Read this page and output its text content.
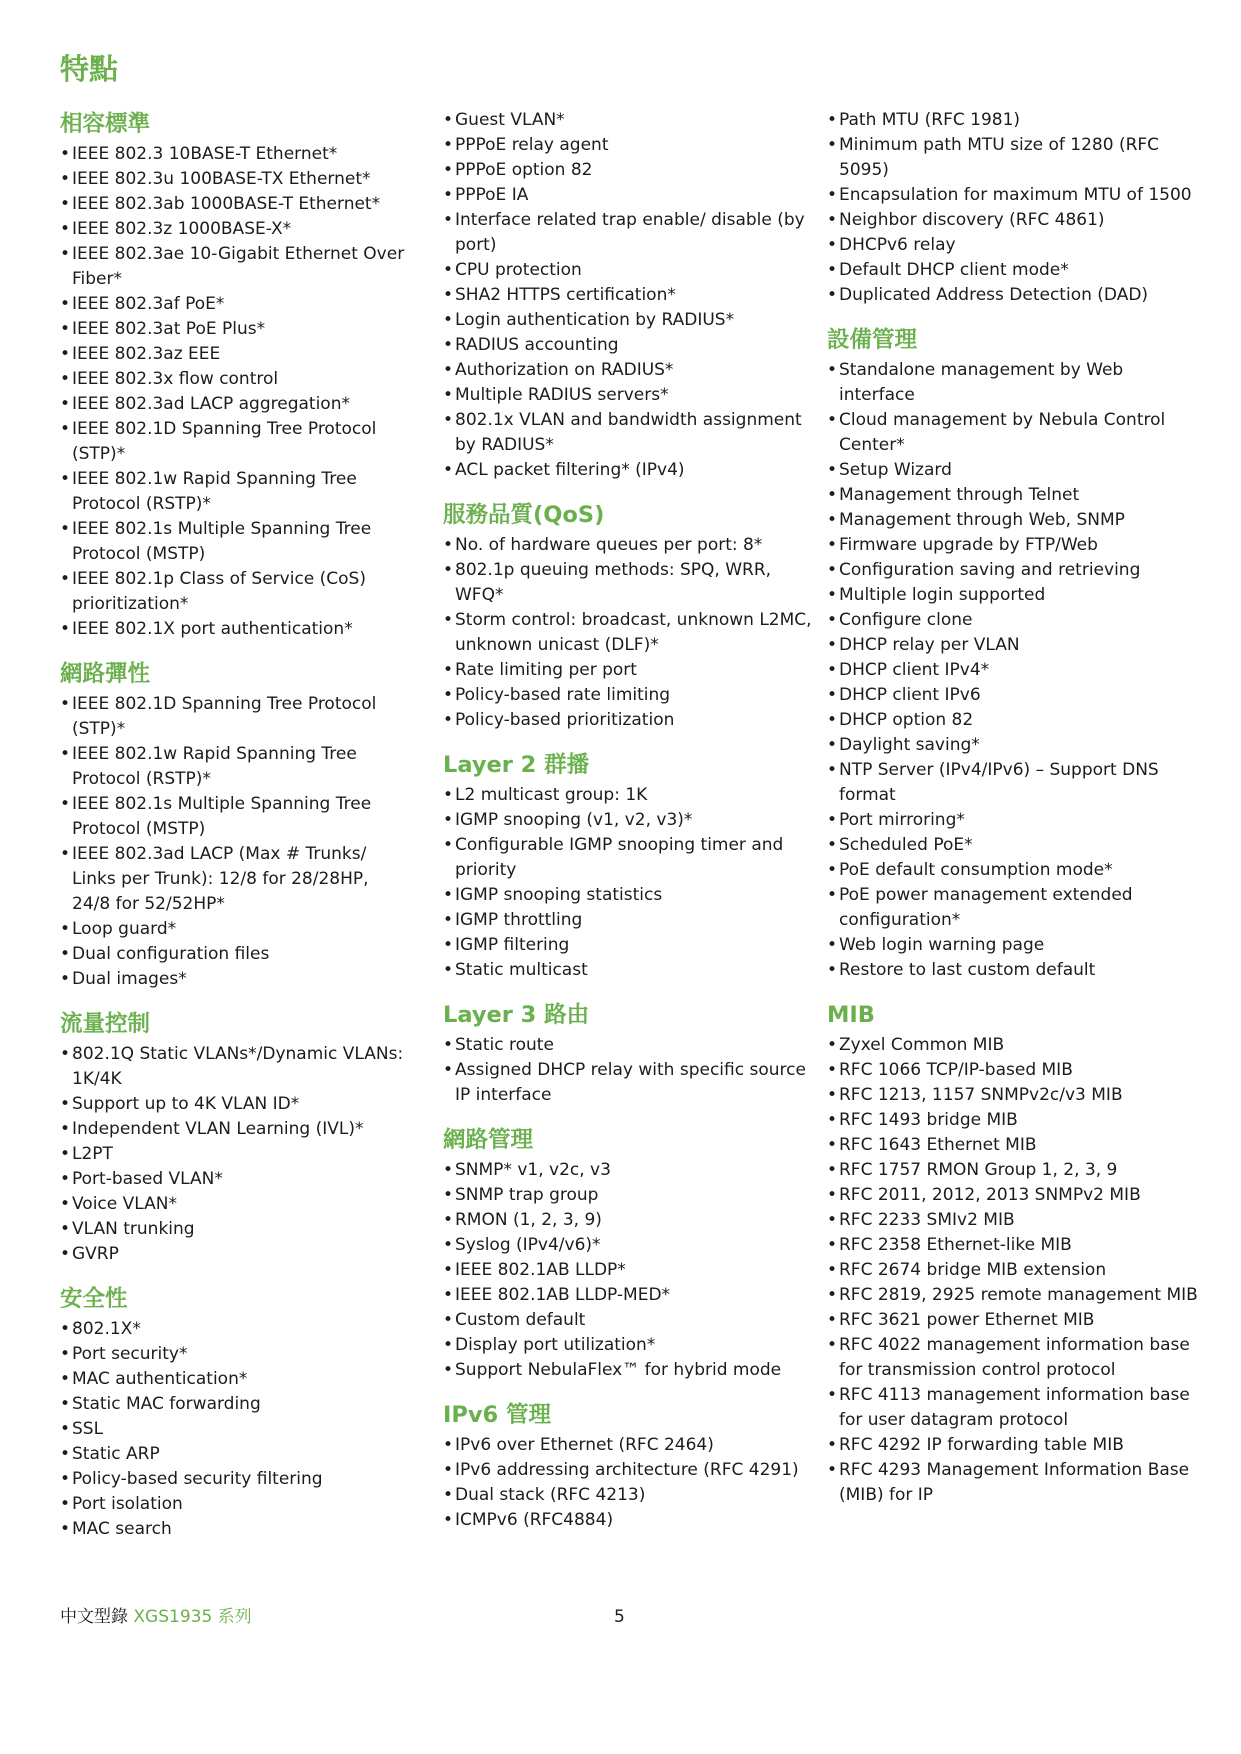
特點
相容標準
• IEEE 802.3 10BASE-T Ethernet*
• IEEE 802.3u 100BASE-TX Ethernet*
• IEEE 802.3ab 1000BASE-T Ethernet*
• IEEE 802.3z 1000BASE-X*
• IEEE 802.3ae 10-Gigabit Ethernet Over Fiber*
• IEEE 802.3af PoE*
• IEEE 802.3at PoE Plus*
• IEEE 802.3az EEE
• IEEE 802.3x flow control
• IEEE 802.3ad LACP aggregation*
• IEEE 802.1D Spanning Tree Protocol (STP)*
• IEEE 802.1w Rapid Spanning Tree Protocol (RSTP)*
• IEEE 802.1s Multiple Spanning Tree Protocol (MSTP)
• IEEE 802.1p Class of Service (CoS) prioritization*
• IEEE 802.1X port authentication*
網路彈性
• IEEE 802.1D Spanning Tree Protocol (STP)*
• IEEE 802.1w Rapid Spanning Tree Protocol (RSTP)*
• IEEE 802.1s Multiple Spanning Tree Protocol (MSTP)
• IEEE 802.3ad LACP (Max # Trunks/ Links per Trunk): 12/8 for 28/28HP, 24/8 for 52/52HP*
• Loop guard*
• Dual configuration files
• Dual images*
流量控制
• 802.1Q Static VLANs*/Dynamic VLANs: 1K/4K
• Support up to 4K VLAN ID*
• Independent VLAN Learning (IVL)*
• L2PT
• Port-based VLAN*
• Voice VLAN*
• VLAN trunking
• GVRP
安全性
• 802.1X*
• Port security*
• MAC authentication*
• Static MAC forwarding
• SSL
• Static ARP
• Policy-based security filtering
• Port isolation
• MAC search
• Guest VLAN*
• PPPoE relay agent
• PPPoE option 82
• PPPoE IA
• Interface related trap enable/ disable (by port)
• CPU protection
• SHA2 HTTPS certification*
• Login authentication by RADIUS*
• RADIUS accounting
• Authorization on RADIUS*
• Multiple RADIUS servers*
• 802.1x VLAN and bandwidth assignment by RADIUS*
• ACL packet filtering* (IPv4)
服務品質(QoS)
• No. of hardware queues per port: 8*
• 802.1p queuing methods: SPQ, WRR, WFQ*
• Storm control: broadcast, unknown L2MC, unknown unicast (DLF)*
• Rate limiting per port
• Policy-based rate limiting
• Policy-based prioritization
Layer 2 群播
• L2 multicast group: 1K
• IGMP snooping (v1, v2, v3)*
• Configurable IGMP snooping timer and priority
• IGMP snooping statistics
• IGMP throttling
• IGMP filtering
• Static multicast
Layer 3 路由
• Static route
• Assigned DHCP relay with specific source IP interface
網路管理
• SNMP* v1, v2c, v3
• SNMP trap group
• RMON (1, 2, 3, 9)
• Syslog (IPv4/v6)*
• IEEE 802.1AB LLDP*
• IEEE 802.1AB LLDP-MED*
• Custom default
• Display port utilization*
• Support NebulaFlex™ for hybrid mode
IPv6 管理
• IPv6 over Ethernet (RFC 2464)
• IPv6 addressing architecture (RFC 4291)
• Dual stack (RFC 4213)
• ICMPv6 (RFC4884)
• Path MTU (RFC 1981)
• Minimum path MTU size of 1280 (RFC 5095)
• Encapsulation for maximum MTU of 1500
• Neighbor discovery (RFC 4861)
• DHCPv6 relay
• Default DHCP client mode*
• Duplicated Address Detection (DAD)
設備管理
• Standalone management by Web interface
• Cloud management by Nebula Control Center*
• Setup Wizard
• Management through Telnet
• Management through Web, SNMP
• Firmware upgrade by FTP/Web
• Configuration saving and retrieving
• Multiple login supported
• Configure clone
• DHCP relay per VLAN
• DHCP client IPv4*
• DHCP client IPv6
• DHCP option 82
• Daylight saving*
• NTP Server (IPv4/IPv6) – Support DNS format
• Port mirroring*
• Scheduled PoE*
• PoE default consumption mode*
• PoE power management extended configuration*
• Web login warning page
• Restore to last custom default
MIB
• Zyxel Common MIB
• RFC 1066 TCP/IP-based MIB
• RFC 1213, 1157 SNMPv2c/v3 MIB
• RFC 1493 bridge MIB
• RFC 1643 Ethernet MIB
• RFC 1757 RMON Group 1, 2, 3, 9
• RFC 2011, 2012, 2013 SNMPv2 MIB
• RFC 2233 SMIv2 MIB
• RFC 2358 Ethernet-like MIB
• RFC 2674 bridge MIB extension
• RFC 2819, 2925 remote management MIB
• RFC 3621 power Ethernet MIB
• RFC 4022 management information base for transmission control protocol
• RFC 4113 management information base for user datagram protocol
• RFC 4292 IP forwarding table MIB
• RFC 4293 Management Information Base (MIB) for IP
中文型錄 XGS1935 系列	5
